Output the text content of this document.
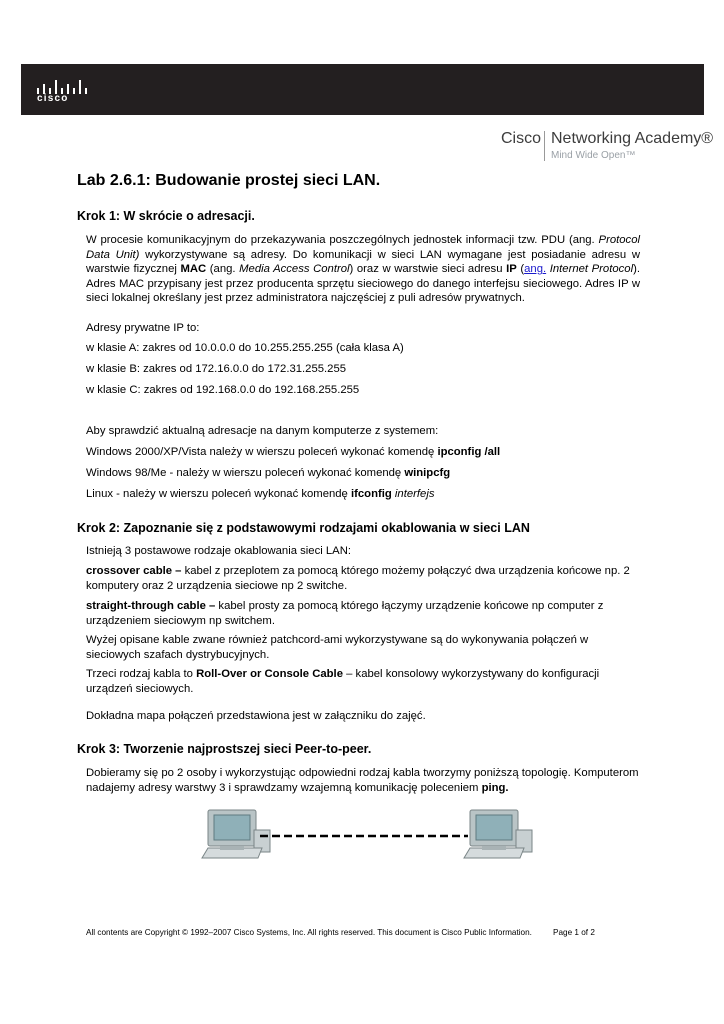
cisco
Cisco Networking Academy®
Mind Wide Open™
Lab 2.6.1: Budowanie prostej sieci LAN.
Krok 1: W skrócie o adresacji.

W procesie komunikacyjnym do przekazywania poszczególnych jednostek informacji tzw. PDU (ang. Protocol Data Unit) wykorzystywane są adresy. Do komunikacji w sieci LAN wymagane jest posiadanie adresu w warstwie fizycznej MAC (ang. Media Access Control) oraz w warstwie sieci adresu IP (ang. Internet Protocol). Adres MAC przypisany jest przez producenta sprzętu sieciowego do danego interfejsu sieciowego. Adres IP w sieci lokalnej określany jest przez administratora najczęściej z puli adresów prywatnych.

Adresy prywatne IP to:

w klasie A: zakres od 10.0.0.0 do 10.255.255.255 (cała klasa A)

w klasie B: zakres od 172.16.0.0 do 172.31.255.255

w klasie C: zakres od 192.168.0.0 do 192.168.255.255

Aby sprawdzić aktualną adresacje na danym komputerze z systemem:

Windows 2000/XP/Vista należy w wierszu poleceń wykonać komendę ipconfig /all

Windows 98/Me - należy w wierszu poleceń wykonać komendę winipcfg

Linux - należy w wierszu poleceń wykonać komendę ifconfig interfejs

Krok 2: Zapoznanie się z podstawowymi rodzajami okablowania w sieci LAN

Istnieją 3 postawowe rodzaje okablowania sieci LAN:

crossover cable – kabel z przeplotem za pomocą którego możemy połączyć dwa urządzenia końcowe np. 2 komputery oraz 2 urządzenia sieciowe np 2 switche.

straight-through cable – kabel prosty za pomocą którego łączymy urządzenie końcowe np computer z urządzeniem sieciowym np switchem.

Wyżej opisane kable zwane również patchcord-ami wykorzystywane są do wykonywania połączeń w sieciowych szafach dystrybucyjnych.

Trzeci rodzaj kabla to Roll-Over or Console Cable – kabel konsolowy wykorzystywany do konfiguracji urządzeń sieciowych.

Dokładna mapa połączeń przedstawiona jest w załączniku do zajęć.

Krok 3: Tworzenie najprostszej sieci Peer-to-peer.

Dobieramy się po 2 osoby i wykorzystując odpowiedni rodzaj kabla tworzymy poniższą topologię. Komputerom nadajemy adresy warstwy 3 i sprawdzamy wzajemną komunikację poleceniem ping.

All contents are Copyright © 1992–2007 Cisco Systems, Inc. All rights reserved. This document is Cisco Public Information.	Page 1 of 2
